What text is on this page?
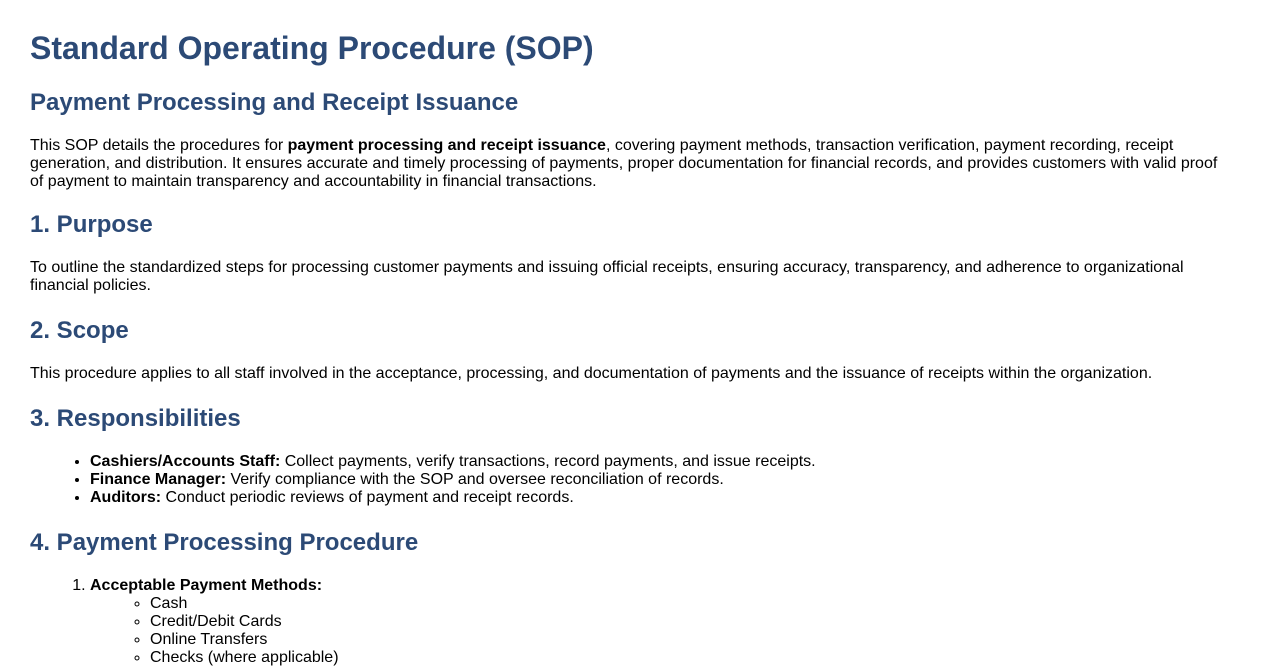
Standard Operating Procedure (SOP)
Payment Processing and Receipt Issuance

This SOP details the procedures for payment processing and receipt issuance, covering payment methods, transaction verification, payment recording, receipt generation, and distribution. It ensures accurate and timely processing of payments, proper documentation for financial records, and provides customers with valid proof of payment to maintain transparency and accountability in financial transactions.

1. Purpose

To outline the standardized steps for processing customer payments and issuing official receipts, ensuring accuracy, transparency, and adherence to organizational financial policies.

2. Scope

This procedure applies to all staff involved in the acceptance, processing, and documentation of payments and the issuance of receipts within the organization.

3. Responsibilities
• Cashiers/Accounts Staff: Collect payments, verify transactions, record payments, and issue receipts.
• Finance Manager: Verify compliance with the SOP and oversee reconciliation of records.
• Auditors: Conduct periodic reviews of payment and receipt records.
4. Payment Processing Procedure
1. Acceptable Payment Methods:
◦ Cash
◦ Credit/Debit Cards
◦ Online Transfers
◦ Checks (where applicable)
